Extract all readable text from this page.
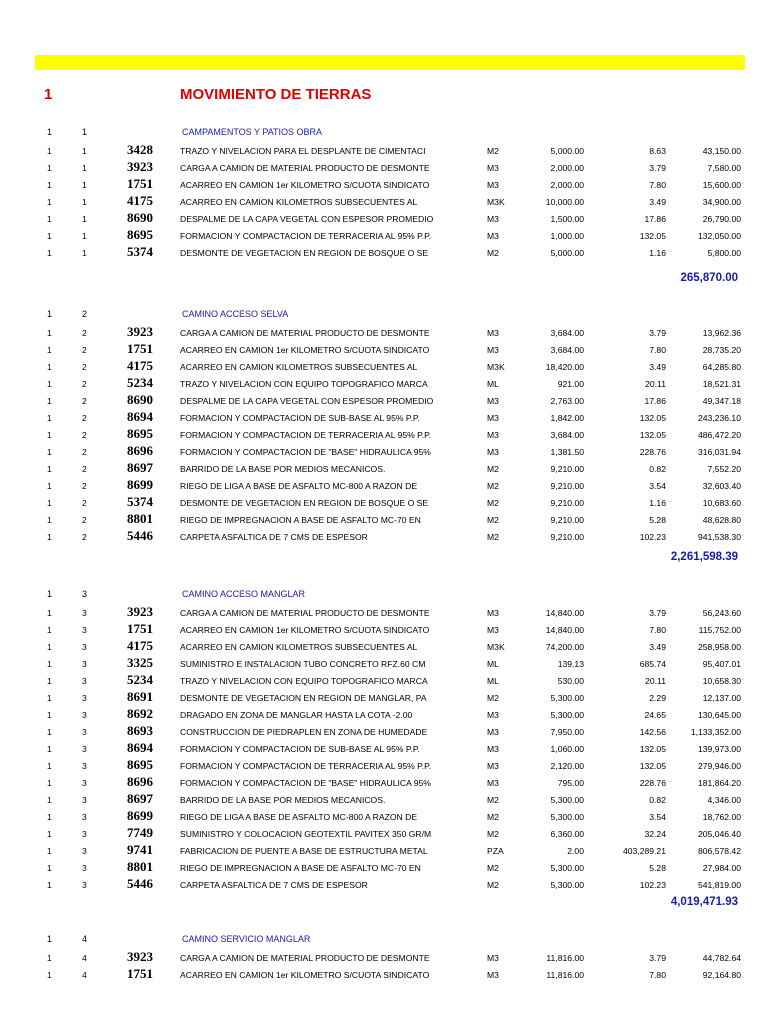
1	MOVIMIENTO DE TIERRAS
1	1	CAMPAMENTOS Y PATIOS OBRA
1	1	3428	TRAZO Y NIVELACION PARA EL DESPLANTE DE CIMENTACI	M2	5,000.00	8.63	43,150.00
1	1	3923	CARGA A CAMION DE MATERIAL PRODUCTO DE DESMONTE	M3	2,000.00	3.79	7,580.00
1	1	1751	ACARREO EN CAMION 1er KILOMETRO S/CUOTA SINDICATO	M3	2,000.00	7.80	15,600.00
1	1	4175	ACARREO EN CAMION KILOMETROS SUBSECUENTES AL	M3K	10,000.00	3.49	34,900.00
1	1	8690	DESPALME DE LA CAPA VEGETAL CON ESPESOR PROMEDIO	M3	1,500.00	17.86	26,790.00
1	1	8695	FORMACION Y COMPACTACION DE TERRACERIA AL 95% P.P.	M3	1,000.00	132.05	132,050.00
1	1	5374	DESMONTE DE VEGETACION EN REGION DE BOSQUE O SE	M2	5,000.00	1.16	5,800.00
265,870.00
1	2	CAMINO ACCESO SELVA
1	2	3923	CARGA A CAMION DE MATERIAL PRODUCTO DE DESMONTE	M3	3,684.00	3.79	13,962.36
1	2	1751	ACARREO EN CAMION 1er KILOMETRO S/CUOTA SINDICATO	M3	3,684.00	7.80	28,735.20
1	2	4175	ACARREO EN CAMION KILOMETROS SUBSECUENTES AL	M3K	18,420.00	3.49	64,285.80
1	2	5234	TRAZO Y NIVELACION CON EQUIPO TOPOGRAFICO MARCA	ML	921.00	20.11	18,521.31
1	2	8690	DESPALME DE LA CAPA VEGETAL CON ESPESOR PROMEDIO	M3	2,763.00	17.86	49,347.18
1	2	8694	FORMACION Y COMPACTACION DE SUB-BASE AL 95% P.P.	M3	1,842.00	132.05	243,236.10
1	2	8695	FORMACION Y COMPACTACION DE TERRACERIA AL 95% P.P.	M3	3,684.00	132.05	486,472.20
1	2	8696	FORMACION Y COMPACTACION DE "BASE" HIDRAULICA 95%	M3	1,381.50	228.76	316,031.94
1	2	8697	BARRIDO DE LA BASE POR MEDIOS MECANICOS.	M2	9,210.00	0.82	7,552.20
1	2	8699	RIEGO DE LIGA A BASE DE ASFALTO MC-800 A RAZON DE	M2	9,210.00	3.54	32,603.40
1	2	5374	DESMONTE DE VEGETACION EN REGION DE BOSQUE O SE	M2	9,210.00	1.16	10,683.60
1	2	8801	RIEGO DE IMPREGNACION A BASE DE ASFALTO MC-70 EN	M2	9,210.00	5.28	48,628.80
1	2	5446	CARPETA ASFALTICA DE 7 CMS DE ESPESOR	M2	9,210.00	102.23	941,538.30
2,261,598.39
1	3	CAMINO ACCESO MANGLAR
1	3	3923	CARGA A CAMION DE MATERIAL PRODUCTO DE DESMONTE	M3	14,840.00	3.79	56,243.60
1	3	1751	ACARREO EN CAMION 1er KILOMETRO S/CUOTA SINDICATO	M3	14,840.00	7.80	115,752.00
1	3	4175	ACARREO EN CAMION KILOMETROS SUBSECUENTES AL	M3K	74,200.00	3.49	258,958.00
1	3	3325	SUMINISTRO E INSTALACION TUBO CONCRETO RFZ.60 CM	ML	139.13	685.74	95,407.01
1	3	5234	TRAZO Y NIVELACION CON EQUIPO TOPOGRAFICO MARCA	ML	530.00	20.11	10,658.30
1	3	8691	DESMONTE DE VEGETACION EN REGION DE MANGLAR, PA	M2	5,300.00	2.29	12,137.00
1	3	8692	DRAGADO EN ZONA DE MANGLAR HASTA LA COTA -2.00	M3	5,300.00	24.65	130,645.00
1	3	8693	CONSTRUCCION DE PIEDRAPLEN EN ZONA DE HUMEDADE	M3	7,950.00	142.56	1,133,352.00
1	3	8694	FORMACION Y COMPACTACION DE SUB-BASE AL 95% P.P.	M3	1,060.00	132.05	139,973.00
1	3	8695	FORMACION Y COMPACTACION DE TERRACERIA AL 95% P.P.	M3	2,120.00	132.05	279,946.00
1	3	8696	FORMACION Y COMPACTACION DE "BASE" HIDRAULICA 95%	M3	795.00	228.76	181,864.20
1	3	8697	BARRIDO DE LA BASE POR MEDIOS MECANICOS.	M2	5,300.00	0.82	4,346.00
1	3	8699	RIEGO DE LIGA A BASE DE ASFALTO MC-800 A RAZON DE	M2	5,300.00	3.54	18,762.00
1	3	7749	SUMINISTRO Y COLOCACION GEOTEXTIL PAVITEX 350 GR/M	M2	6,360.00	32.24	205,046.40
1	3	9741	FABRICACION DE PUENTE A BASE DE ESTRUCTURA METAL	PZA	2.00	403,289.21	806,578.42
1	3	8801	RIEGO DE IMPREGNACION A BASE DE ASFALTO MC-70 EN	M2	5,300.00	5.28	27,984.00
1	3	5446	CARPETA ASFALTICA DE 7 CMS DE ESPESOR	M2	5,300.00	102.23	541,819.00
4,019,471.93
1	4	CAMINO SERVICIO MANGLAR
1	4	3923	CARGA A CAMION DE MATERIAL PRODUCTO DE DESMONTE	M3	11,816.00	3.79	44,782.64
1	4	1751	ACARREO EN CAMION 1er KILOMETRO S/CUOTA SINDICATO	M3	11,816.00	7.80	92,164.80
